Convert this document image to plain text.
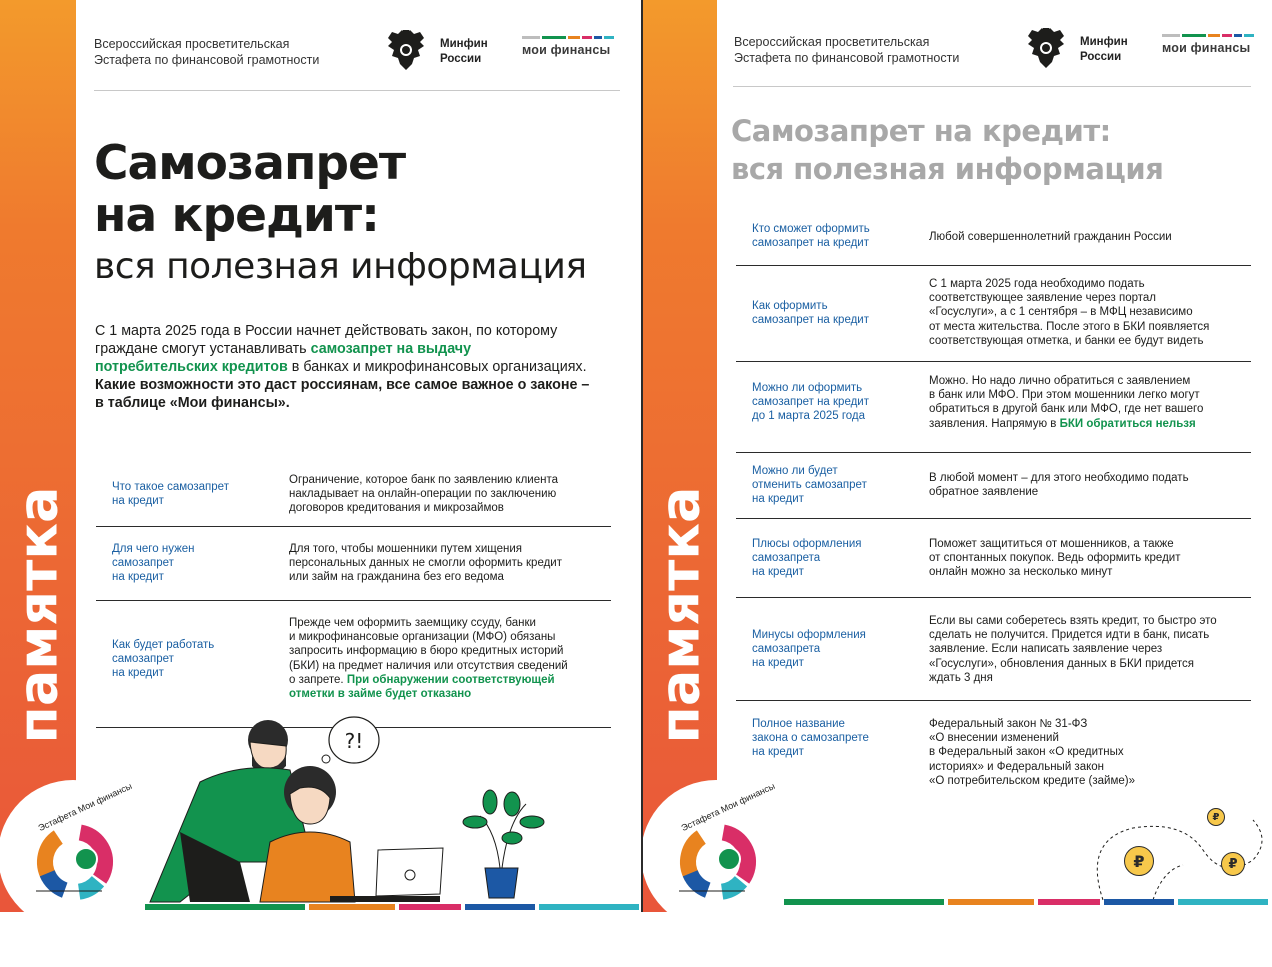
памятка
Всероссийская просветительская
Эстафета по финансовой грамотности
Минфин
России
мои финансы
Самозапрет
на кредит:
вся полезная информация
С 1 марта 2025 года в России начнет действовать закон, по которому граждане смогут устанавливать самозапрет на выдачу потребительских кредитов в банках и микрофинансовых организациях. Какие возможности это даст россиянам, все самое важное о законе – в таблице «Мои финансы».
Что такое самозапрет
на кредит
Ограничение, которое банк по заявлению клиента
накладывает на онлайн-операции по заключению
договоров кредитования и микрозаймов
Для чего нужен
самозапрет
на кредит
Для того, чтобы мошенники путем хищения
персональных данных не смогли оформить кредит
или займ на гражданина без его ведома
Как будет работать
самозапрет
на кредит
Прежде чем оформить заемщику ссуду, банки
и микрофинансовые организации (МФО) обязаны
запросить информацию в бюро кредитных историй
(БКИ) на предмет наличия или отсутствия сведений
о запрете. При обнаружении соответствующей
отметки в займе будет отказано
?!
Эстафета Мои финансы
памятка
Всероссийская просветительская
Эстафета по финансовой грамотности
Минфин
России
мои финансы
Самозапрет на кредит:
вся полезная информация
Кто сможет оформить
самозапрет на кредит
Любой совершеннолетний гражданин России
Как оформить
самозапрет на кредит
С 1 марта 2025 года необходимо подать
соответствующее заявление через портал
«Госуслуги», а с 1 сентября – в МФЦ независимо
от места жительства. После этого в БКИ появляется
соответствующая отметка, и банки ее будут видеть
Можно ли оформить
самозапрет на кредит
до 1 марта 2025 года
Можно. Но надо лично обратиться с заявлением
в банк или МФО. При этом мошенники легко могут
обратиться в другой банк или МФО, где нет вашего
заявления. Напрямую в БКИ обратиться нельзя
Можно ли будет
отменить самозапрет
на кредит
В любой момент – для этого необходимо подать
обратное заявление
Плюсы оформления
самозапрета
на кредит
Поможет защититься от мошенников, а также
от спонтанных покупок. Ведь оформить кредит
онлайн можно за несколько минут
Минусы оформления
самозапрета
на кредит
Если вы сами соберетесь взять кредит, то быстро это
сделать не получится. Придется идти в банк, писать
заявление. Если написать заявление через
«Госуслуги», обновления данных в БКИ придется
ждать 3 дня
Полное название
закона о самозапрете
на кредит
Федеральный закон № 31-ФЗ
«О внесении изменений
в Федеральный закон «О кредитных
историях» и Федеральный закон
«О потребительском кредите (займе)»
₽
₽
₽
Эстафета Мои финансы
